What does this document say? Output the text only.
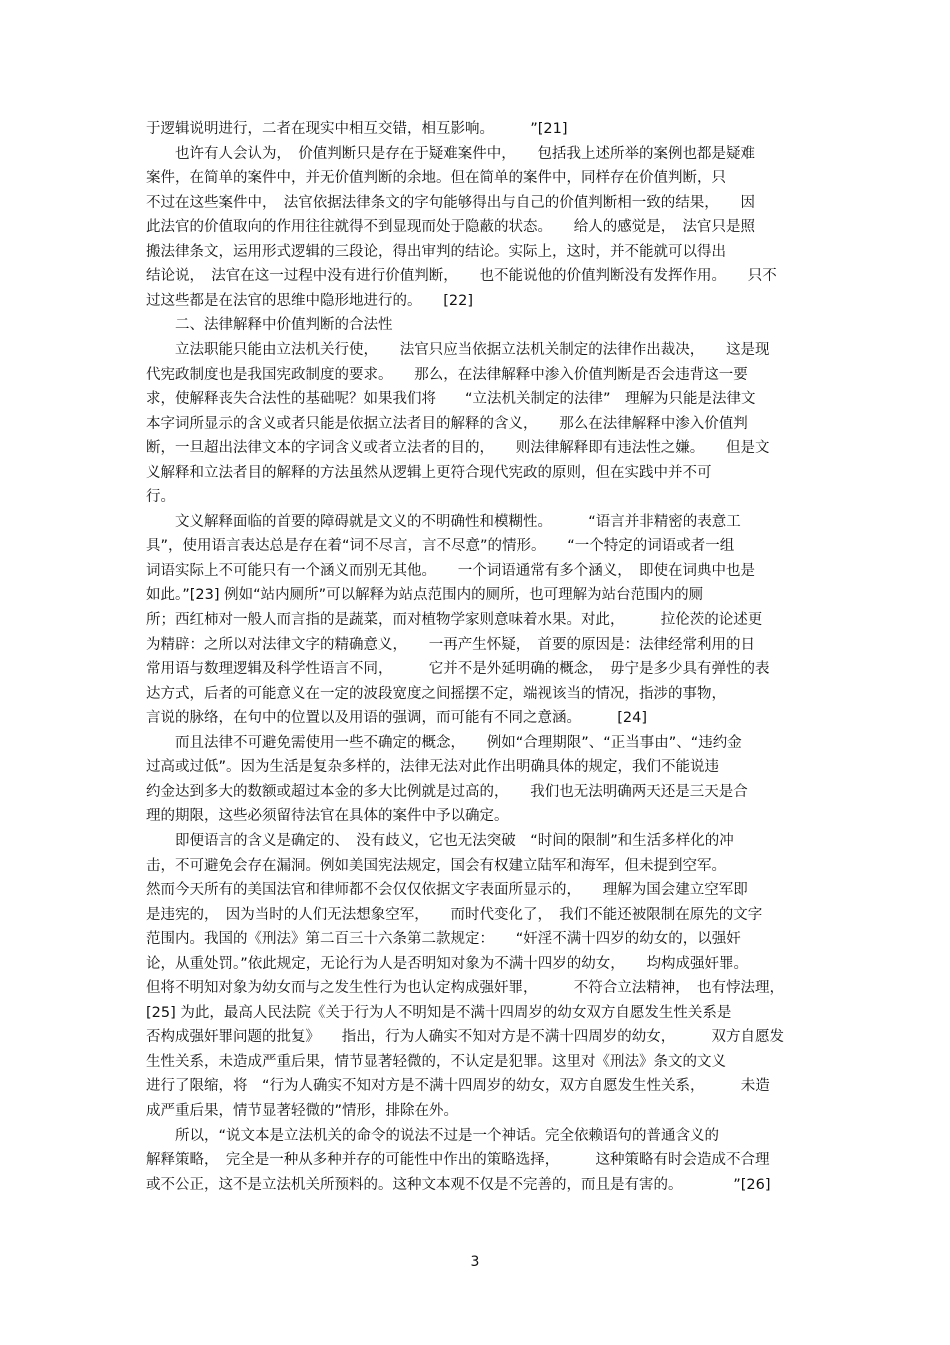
于逻辑说明进行，二者在现实中相互交错，相互影响。　　　”[21]
　　也许有人会认为，　价值判断只是存在于疑难案件中，　　包括我上述所举的案例也都是疑难
案件，在简单的案件中，并无价值判断的余地。但在简单的案件中，同样存在价值判断，只
不过在这些案件中，　法官依据法律条文的字句能够得出与自己的价值判断相一致的结果，　　因
此法官的价值取向的作用往往就得不到显现而处于隐蔽的状态。　　给人的感觉是，　法官只是照
搬法律条文，运用形式逻辑的三段论，得出审判的结论。实际上，这时，并不能就可以得出
结论说，　法官在这一过程中没有进行价值判断，　　也不能说他的价值判断没有发挥作用。　　只不
过这些都是在法官的思维中隐形地进行的。　　[22]
　　二、法律解释中价值判断的合法性
　　立法职能只能由立法机关行使，　　法官只应当依据立法机关制定的法律作出裁决，　　这是现
代宪政制度也是我国宪政制度的要求。　　那么，在法律解释中渗入价值判断是否会违背这一要
求，使解释丧失合法性的基础呢？如果我们将　　“立法机关制定的法律”　理解为只能是法律文
本字词所显示的含义或者只能是依据立法者目的解释的含义，　　那么在法律解释中渗入价值判
断，一旦超出法律文本的字词含义或者立法者的目的，　　则法律解释即有违法性之嫌。　　但是文
义解释和立法者目的解释的方法虽然从逻辑上更符合现代宪政的原则，但在实践中并不可
行。
　　文义解释面临的首要的障碍就是文义的不明确性和模糊性。　　　“语言并非精密的表意工
具”，使用语言表达总是存在着“词不尽言，言不尽意”的情形。　　“一个特定的词语或者一组
词语实际上不可能只有一个涵义而别无其他。　　一个词语通常有多个涵义，　即使在词典中也是
如此。”[23] 例如“站内厕所”可以解释为站点范围内的厕所，也可理解为站台范围内的厕
所；西红柿对一般人而言指的是蔬菜，而对植物学家则意味着水果。对此，　　　拉伦茨的论述更
为精辟：之所以对法律文字的精确意义，　　一再产生怀疑，　首要的原因是：法律经常利用的日
常用语与数理逻辑及科学性语言不同，　　　它并不是外延明确的概念，　毋宁是多少具有弹性的表
达方式，后者的可能意义在一定的波段宽度之间摇摆不定，端视该当的情况，指涉的事物，
言说的脉络，在句中的位置以及用语的强调，而可能有不同之意涵。　　　[24]
　　而且法律不可避免需使用一些不确定的概念，　　例如“合理期限”、“正当事由”、“违约金
过高或过低”。因为生活是复杂多样的，法律无法对此作出明确具体的规定，我们不能说违
约金达到多大的数额或超过本金的多大比例就是过高的，　　我们也无法明确两天还是三天是合
理的期限，这些必须留待法官在具体的案件中予以确定。
　　即便语言的含义是确定的、　没有歧义，它也无法突破　“时间的限制”和生活多样化的冲
击，不可避免会存在漏洞。例如美国宪法规定，国会有权建立陆军和海军，但未提到空军。
然而今天所有的美国法官和律师都不会仅仅依据文字表面所显示的，　　理解为国会建立空军即
是违宪的，　因为当时的人们无法想象空军，　　而时代变化了，　我们不能还被限制在原先的文字
范围内。我国的《刑法》第二百三十六条第二款规定：　　“奸淫不满十四岁的幼女的，以强奸
论，从重处罚。”依此规定，无论行为人是否明知对象为不满十四岁的幼女，　　均构成强奸罪。
但将不明知对象为幼女而与之发生性行为也认定构成强奸罪，　　　不符合立法精神，　也有悖法理，
[25] 为此，最高人民法院《关于行为人不明知是不满十四周岁的幼女双方自愿发生性关系是
否构成强奸罪问题的批复》　　指出，行为人确实不知对方是不满十四周岁的幼女，　　　双方自愿发
生性关系，未造成严重后果，情节显著轻微的，不认定是犯罪。这里对《刑法》条文的文义
进行了限缩，将　“行为人确实不知对方是不满十四周岁的幼女，双方自愿发生性关系，　　　未造
成严重后果，情节显著轻微的”情形，排除在外。
　　所以，“说文本是立法机关的命令的说法不过是一个神话。完全依赖语句的普通含义的
解释策略，　完全是一种从多种并存的可能性中作出的策略选择，　　　这种策略有时会造成不合理
或不公正，这不是立法机关所预料的。这种文本观不仅是不完善的，而且是有害的。　　　　”[26]
3
